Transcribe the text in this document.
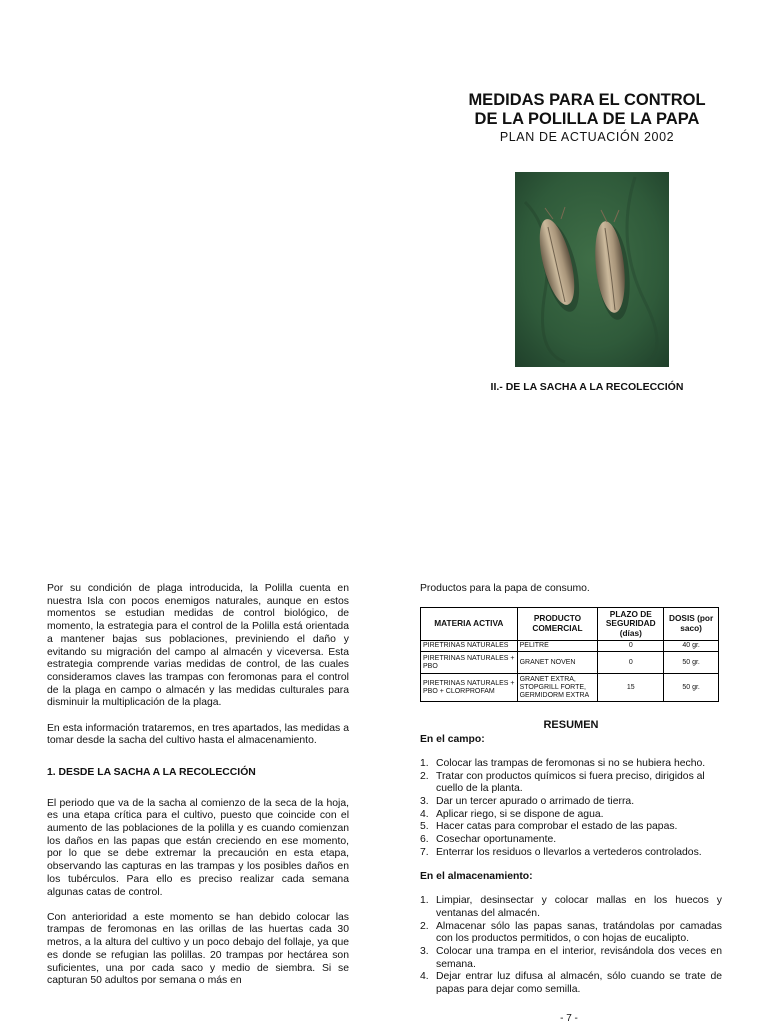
MEDIDAS PARA EL CONTROL
DE LA POLILLA DE LA PAPA
PLAN DE ACTUACIÓN 2002
II.- DE LA SACHA A LA RECOLECCIÓN

Por su condición de plaga introducida, la Polilla cuenta en nuestra Isla con pocos enemigos naturales, aunque en estos momentos se estudian medidas de control biológico, de momento, la estrategia para el control de la Polilla está orientada a mantener bajas sus poblaciones, previniendo el daño y evitando su migración del campo al almacén y viceversa. Esta estrategia comprende varias medidas de control, de las cuales consideramos claves las trampas con feromonas para el control de la plaga en campo o almacén y las medidas culturales para disminuir la multiplicación de la plaga.

En esta información trataremos, en tres apartados, las medidas a tomar desde la sacha del cultivo hasta el almacenamiento.

1. DESDE LA SACHA A LA RECOLECCIÓN

El periodo que va de la sacha al comienzo de la seca de la hoja, es una etapa crítica para el cultivo, puesto que coincide con el aumento de las poblaciones de la polilla y es cuando comienzan los daños en las papas que están creciendo en ese momento, por lo que se debe extremar la precaución en esta etapa, observando las capturas en las trampas y los posibles daños en los tubérculos. Para ello es preciso realizar cada semana algunas catas de control.

Con anterioridad a este momento se han debido colocar las trampas de feromonas en las orillas de las huertas cada 30 metros, a la altura del cultivo y un poco debajo del follaje, ya que es donde se refugian las polillas. 20 trampas por hectárea son suficientes, una por cada saco y medio de siembra. Si se capturan 50 adultos por semana o más en

Productos para la papa de consumo.
MATERIA ACTIVA	PRODUCTO COMERCIAL	PLAZO DE SEGURIDAD (días)	DOSIS (por saco)
PIRETRINAS NATURALES	PELITRE	0	40 gr.
PIRETRINAS NATURALES + PBO	GRANET NOVEN	0	50 gr.
PIRETRINAS NATURALES + PBO + CLORPROFAM	GRANET EXTRA, STOPGRILL FORTE, GERMIDORM EXTRA	15	50 gr.
RESUMEN
En el campo:
1. Colocar las trampas de feromonas si no se hubiera hecho.
2. Tratar con productos químicos si fuera preciso, dirigidos al cuello de la planta.
3. Dar un tercer apurado o arrimado de tierra.
4. Aplicar riego, si se dispone de agua.
5. Hacer catas para comprobar el estado de las papas.
6. Cosechar oportunamente.
7. Enterrar los residuos o llevarlos a vertederos controlados.
En el almacenamiento:
1. Limpiar, desinsectar y colocar mallas en los huecos y ventanas del almacén.
2. Almacenar sólo las papas sanas, tratándolas por camadas con los productos permitidos, o con hojas de eucalipto.
3. Colocar una trampa en el interior, revisándola dos veces en semana.
4. Dejar entrar luz difusa al almacén, sólo cuando se trate de papas para dejar como semilla.
- 7 -
